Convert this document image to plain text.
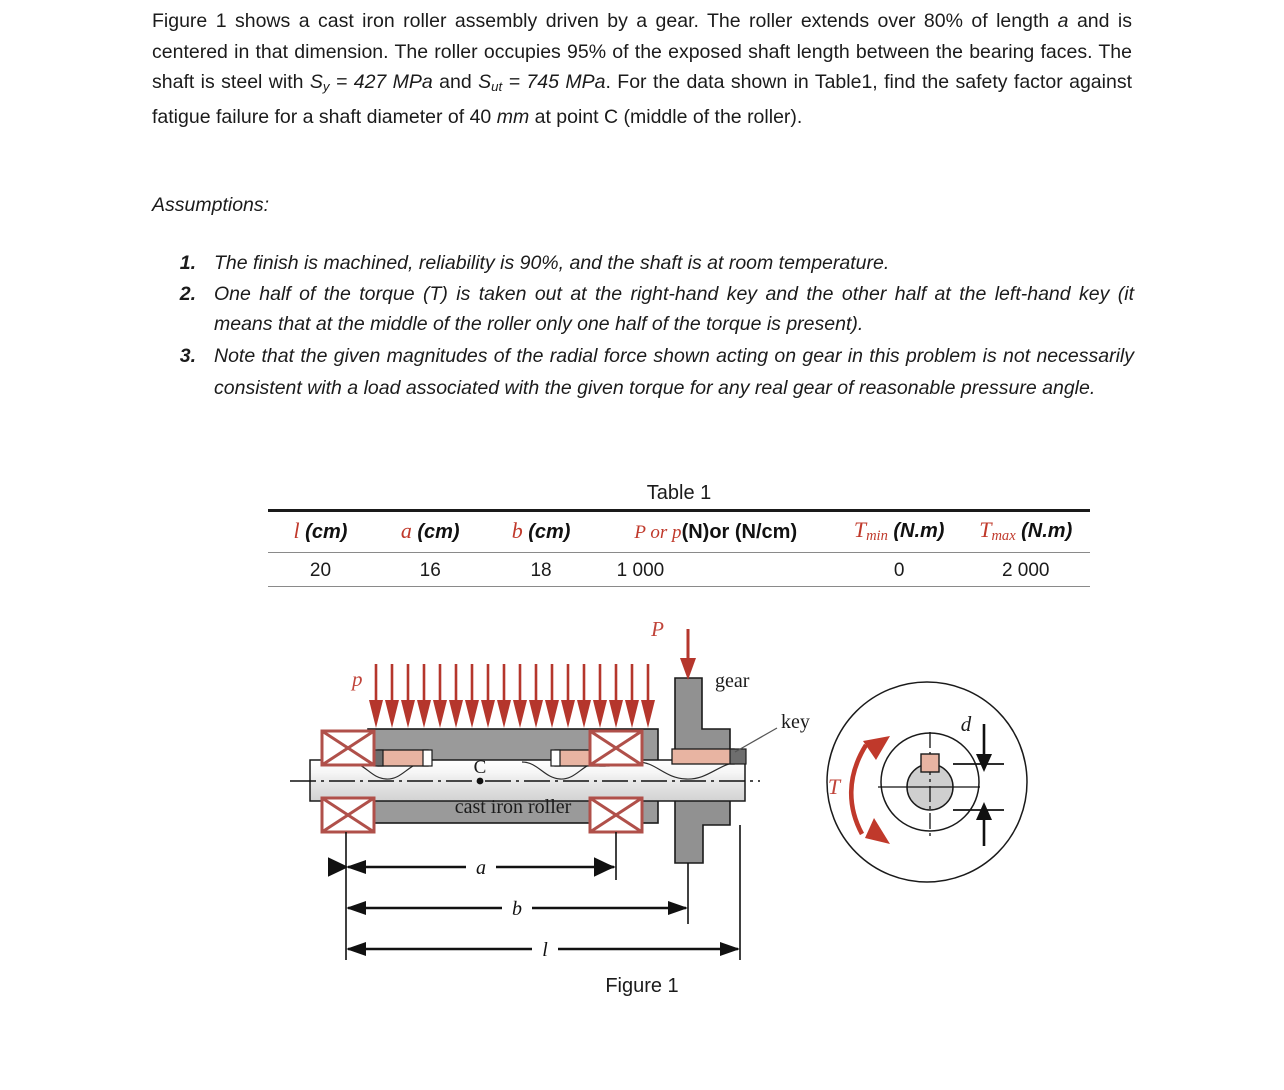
Figure 1 shows a cast iron roller assembly driven by a gear. The roller extends over 80% of length a and is centered in that dimension. The roller occupies 95% of the exposed shaft length between the bearing faces. The shaft is steel with $S_y = 427$ MPa and $S_{ut} = 745$ MPa. For the data shown in Table1, find the safety factor against fatigue failure for a shaft diameter of 40 mm at point C (middle of the roller).
Assumptions:
1. The finish is machined, reliability is 90%, and the shaft is at room temperature.
2. One half of the torque (T) is taken out at the right-hand key and the other half at the left-hand key (it means that at the middle of the roller only one half of the torque is present).
3. Note that the given magnitudes of the radial force shown acting on gear in this problem is not necessarily consistent with a load associated with the given torque for any real gear of reasonable pressure angle.
Table 1
l (cm)	a (cm)	b (cm)	P or p(N)or (N/cm)	$T_{min}$ (N.m)	$T_{max}$ (N.m)
20	16	18	1 000	0	2 000
p
cast iron roller
C
P
gear
key
a
b
l
T
d
Figure 1
